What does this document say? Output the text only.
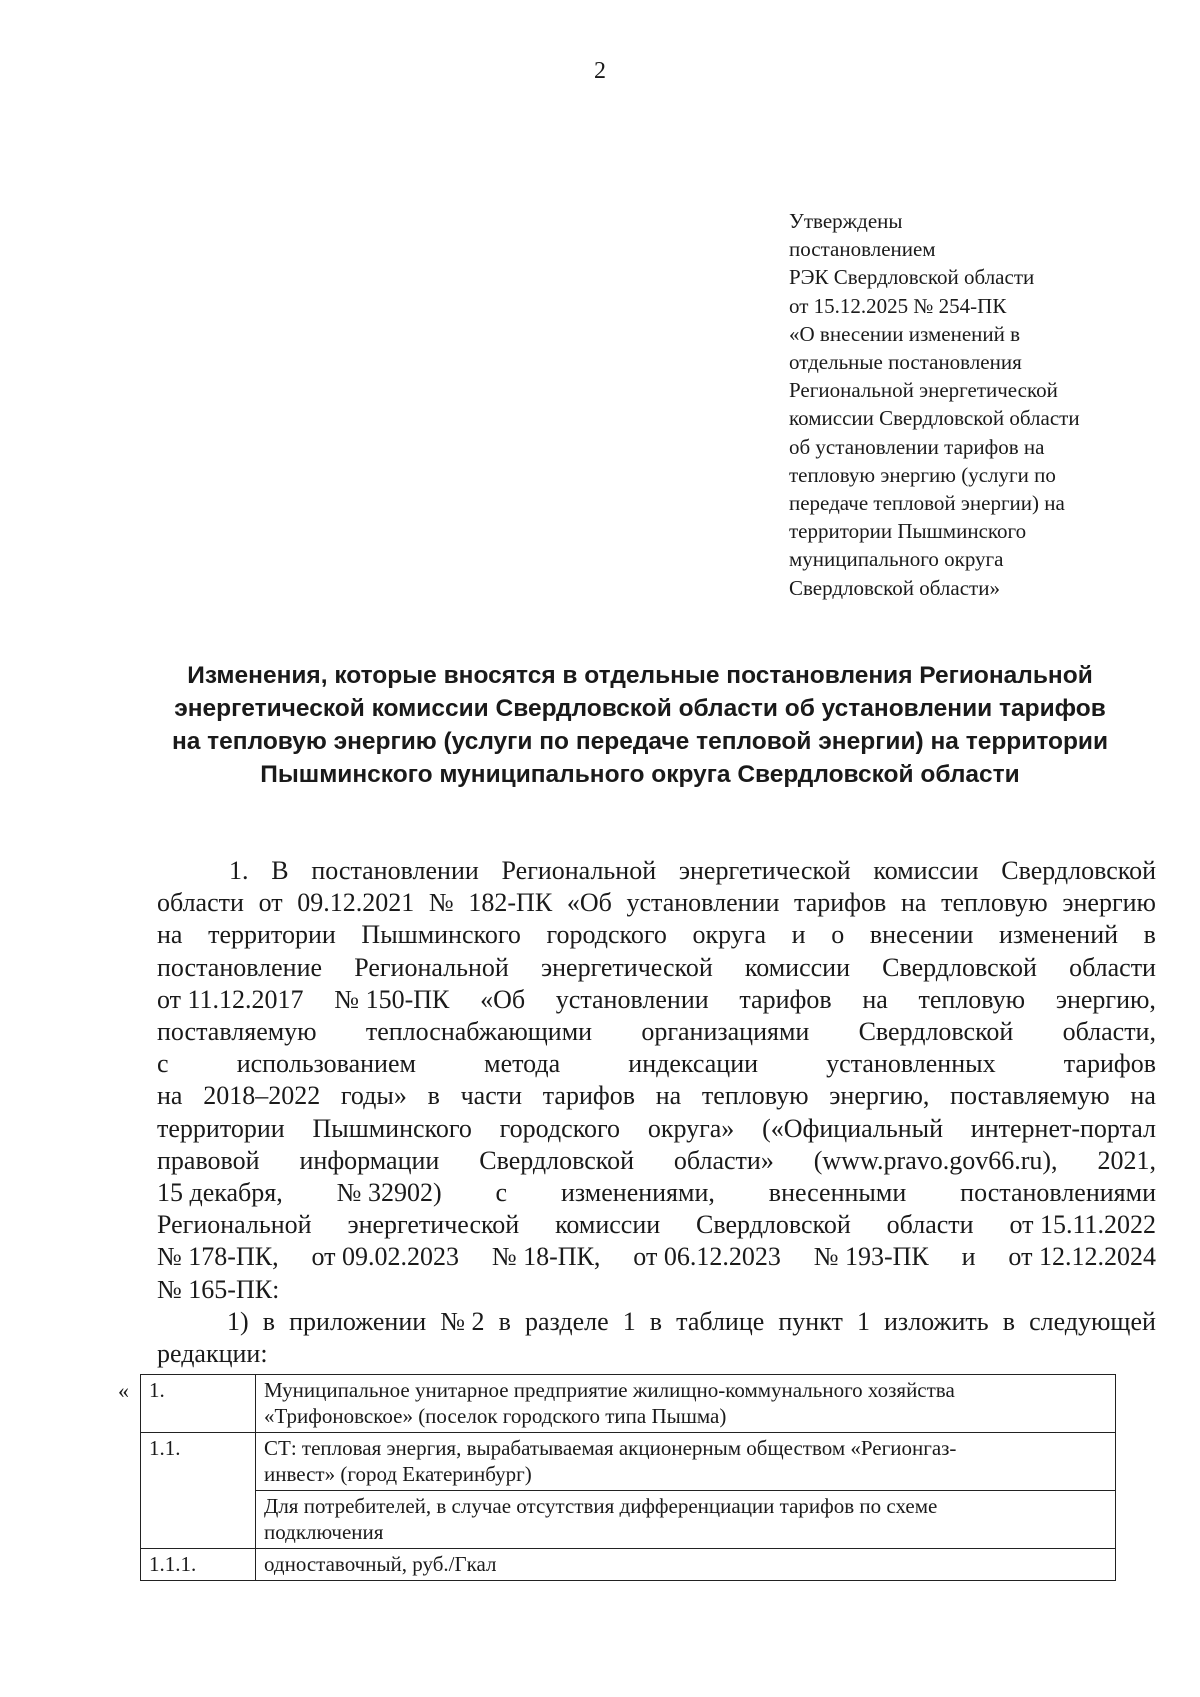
2
Утверждены
постановлением
РЭК Свердловской области
от 15.12.2025 № 254-ПК
«О внесении изменений в
отдельные постановления
Региональной энергетической
комиссии Свердловской области
об установлении тарифов на
тепловую энергию (услуги по
передаче тепловой энергии) на
территории Пышминского
муниципального округа
Свердловской области»
Изменения, которые вносятся в отдельные постановления Региональной
энергетической комиссии Свердловской области об установлении тарифов
на тепловую энергию (услуги по передаче тепловой энергии) на территории
Пышминского муниципального округа Свердловской области
1. В постановлении Региональной энергетической комиссии Свердловской
области от 09.12.2021 № 182-ПК «Об установлении тарифов на тепловую энергию
на территории Пышминского городского округа и о внесении изменений в
постановление Региональной энергетической комиссии Свердловской области
от 11.12.2017 № 150-ПК «Об установлении тарифов на тепловую энергию,
поставляемую теплоснабжающими организациями Свердловской области,
с	использованием	метода	индексации	установленных	тарифов
на 2018–2022 годы» в части тарифов на тепловую энергию, поставляемую на
территории Пышминского городского округа» («Официальный интернет-портал
правовой информации Свердловской области» (www.pravo.gov66.ru), 2021,
15 декабря, № 32902) с изменениями, внесенными постановлениями
Региональной энергетической комиссии Свердловской области от 15.11.2022
№ 178-ПК, от 09.02.2023 № 18-ПК, от 06.12.2023 № 193-ПК и от 12.12.2024
№ 165-ПК:
1) в приложении № 2 в разделе 1 в таблице пункт 1 изложить в следующей
редакции:
« 1.	Муниципальное унитарное предприятие жилищно-коммунального хозяйства
«Трифоновское» (поселок городского типа Пышма)

1.1.	СТ: тепловая энергия, вырабатываемая акционерным обществом «Регионгаз-
инвест» (город Екатеринбург)

	Для потребителей, в случае отсутствия дифференциации тарифов по схеме
подключения

1.1.1.	одноставочный, руб./Гкал
